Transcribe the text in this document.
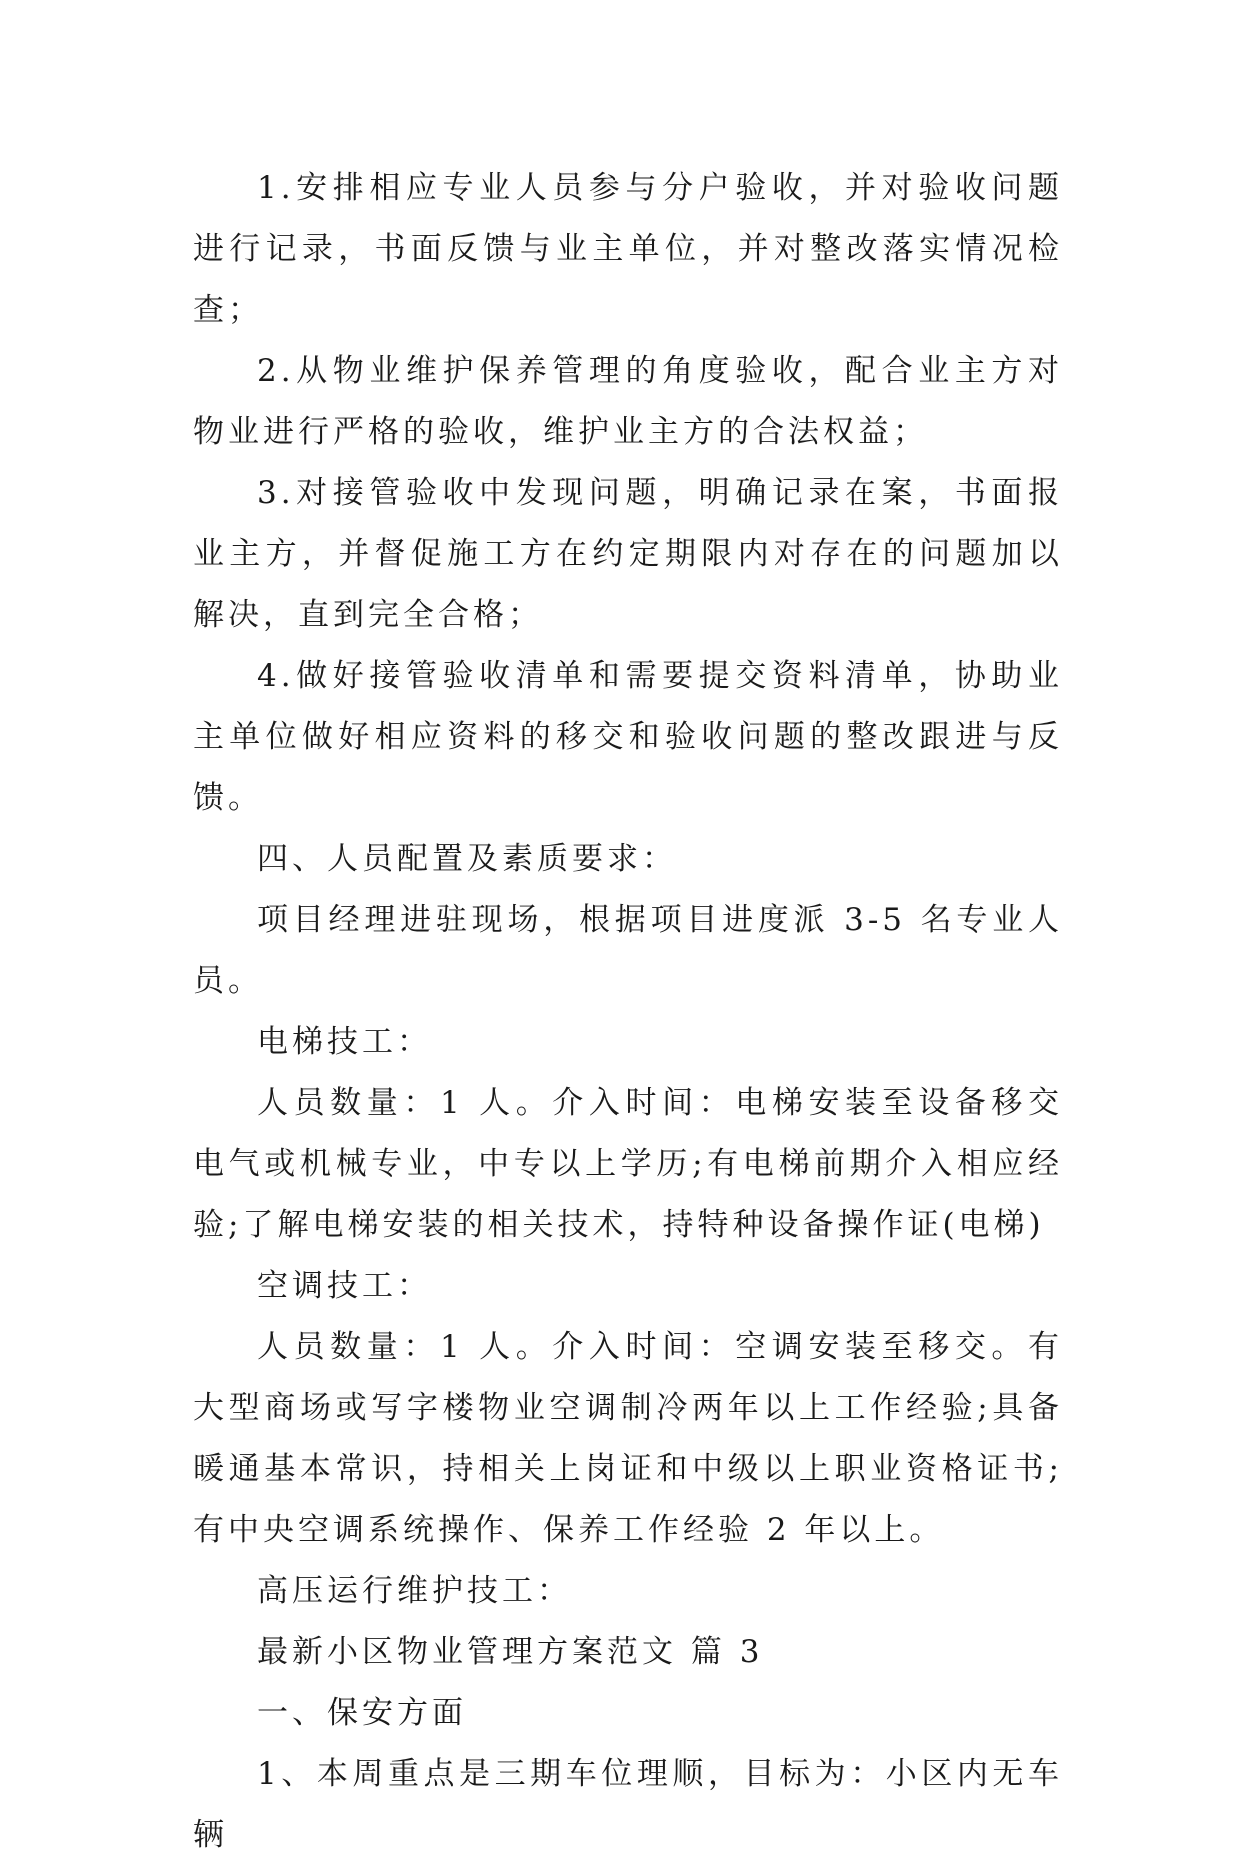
1.安排相应专业人员参与分户验收，并对验收问题进行记录，书面反馈与业主单位，并对整改落实情况检查；

2.从物业维护保养管理的角度验收，配合业主方对物业进行严格的验收，维护业主方的合法权益；

3.对接管验收中发现问题，明确记录在案，书面报业主方，并督促施工方在约定期限内对存在的问题加以解决，直到完全合格；

4.做好接管验收清单和需要提交资料清单，协助业主单位做好相应资料的移交和验收问题的整改跟进与反馈。

四、人员配置及素质要求：

项目经理进驻现场，根据项目进度派 3-5 名专业人员。

电梯技工：

人员数量：1 人。介入时间：电梯安装至设备移交电气或机械专业，中专以上学历;有电梯前期介入相应经验;了解电梯安装的相关技术，持特种设备操作证(电梯)

空调技工：

人员数量：1 人。介入时间：空调安装至移交。有大型商场或写字楼物业空调制冷两年以上工作经验;具备暖通基本常识，持相关上岗证和中级以上职业资格证书;有中央空调系统操作、保养工作经验 2 年以上。

高压运行维护技工：

最新小区物业管理方案范文 篇 3

一、保安方面

1、本周重点是三期车位理顺，目标为：小区内无车辆
